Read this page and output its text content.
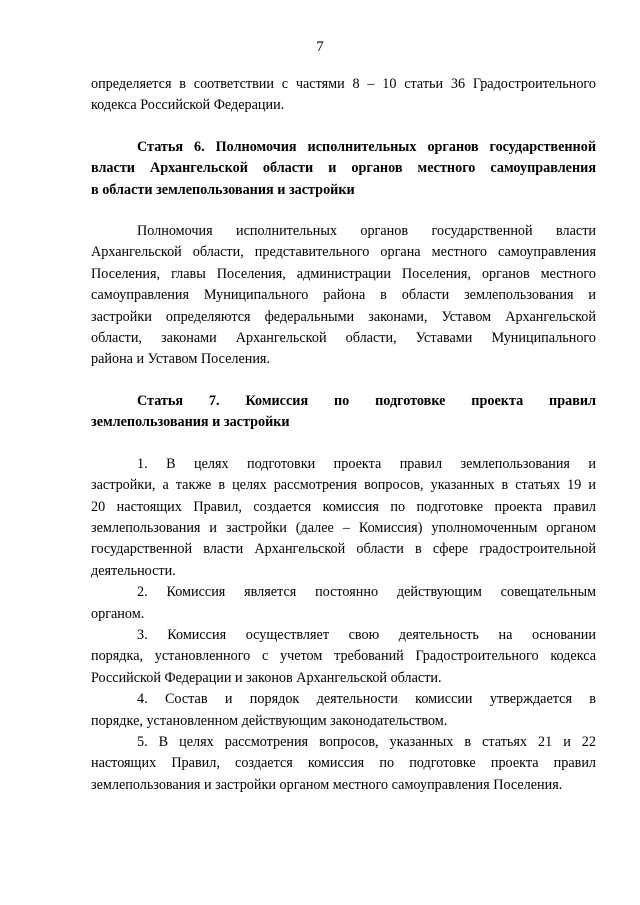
7
определяется в соответствии с частями 8 – 10 статьи 36 Градостроительного
кодекса Российской Федерации.
Статья 6. Полномочия исполнительных органов государственной
власти Архангельской области и органов местного самоуправления
в области землепользования и застройки
Полномочия исполнительных органов государственной власти
Архангельской области, представительного органа местного самоуправления
Поселения, главы Поселения, администрации Поселения, органов местного
самоуправления Муниципального района в области землепользования и
застройки определяются федеральными законами, Уставом Архангельской
области, законами Архангельской области, Уставами Муниципального
района и Уставом Поселения.
Статья 7. Комиссия по подготовке проекта правил
землепользования и застройки
1. В целях подготовки проекта правил землепользования и
застройки, а также в целях рассмотрения вопросов, указанных в статьях 19 и
20 настоящих Правил, создается комиссия по подготовке проекта правил
землепользования и застройки (далее – Комиссия) уполномоченным органом
государственной власти Архангельской области в сфере градостроительной
деятельности.
2. Комиссия является постоянно действующим совещательным
органом.
3. Комиссия осуществляет свою деятельность на основании
порядка, установленного с учетом требований Градостроительного кодекса
Российской Федерации и законов Архангельской области.
4. Состав и порядок деятельности комиссии утверждается в
порядке, установленном действующим законодательством.
5. В целях рассмотрения вопросов, указанных в статьях 21 и 22
настоящих Правил, создается комиссия по подготовке проекта правил
землепользования и застройки органом местного самоуправления Поселения.
